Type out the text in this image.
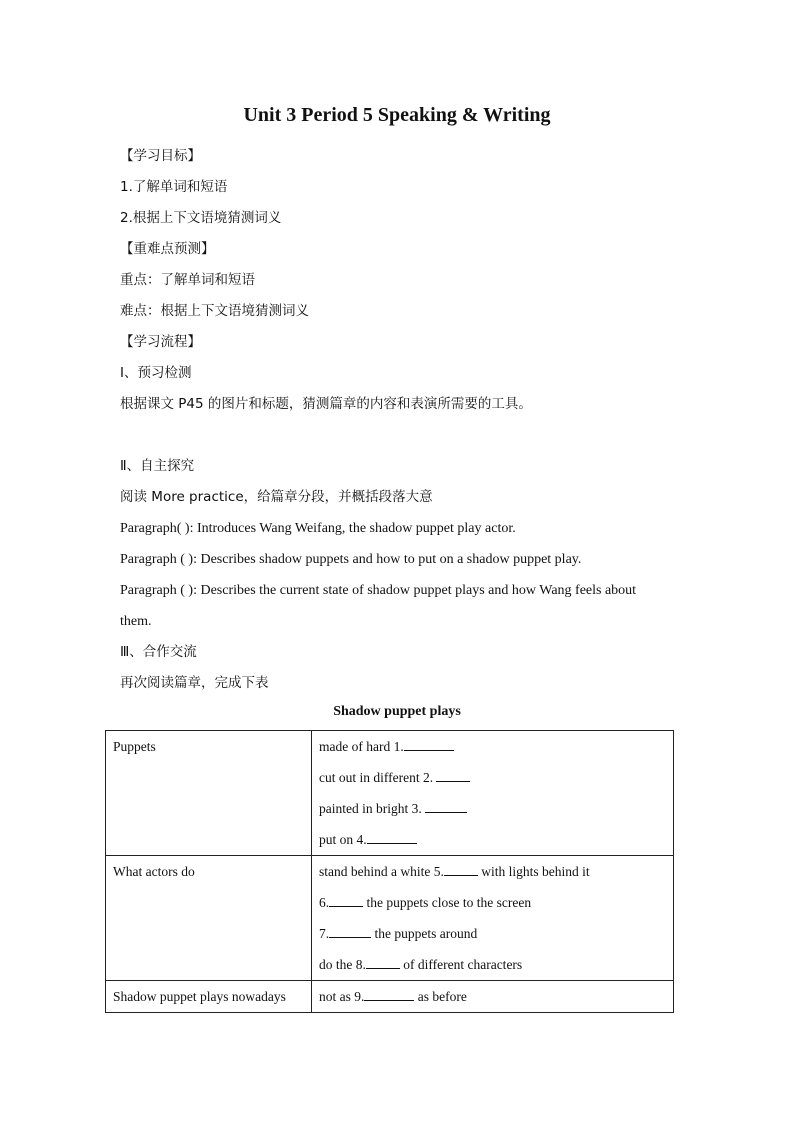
Unit 3 Period 5 Speaking & Writing
【学习目标】
1.了解单词和短语
2.根据上下文语境猜测词义
【重难点预测】
重点：了解单词和短语
难点：根据上下文语境猜测词义
【学习流程】
Ⅰ、预习检测
根据课文 P45 的图片和标题，猜测篇章的内容和表演所需要的工具。
Ⅱ、自主探究
阅读 More practice，给篇章分段，并概括段落大意
Paragraph( ): Introduces Wang Weifang, the shadow puppet play actor.
Paragraph ( ): Describes shadow puppets and how to put on a shadow puppet play.
Paragraph ( ): Describes the current state of shadow puppet plays and how Wang feels about
them.
Ⅲ、合作交流
再次阅读篇章，完成下表
Shadow puppet plays
Puppets	made of hard 1.
cut out in different 2.
painted in bright 3.
put on 4.

What actors do	stand behind a white 5. with lights behind it
6. the puppets close to the screen
7. the puppets around
do the 8. of different characters

Shadow puppet plays nowadays	not as 9. as before
